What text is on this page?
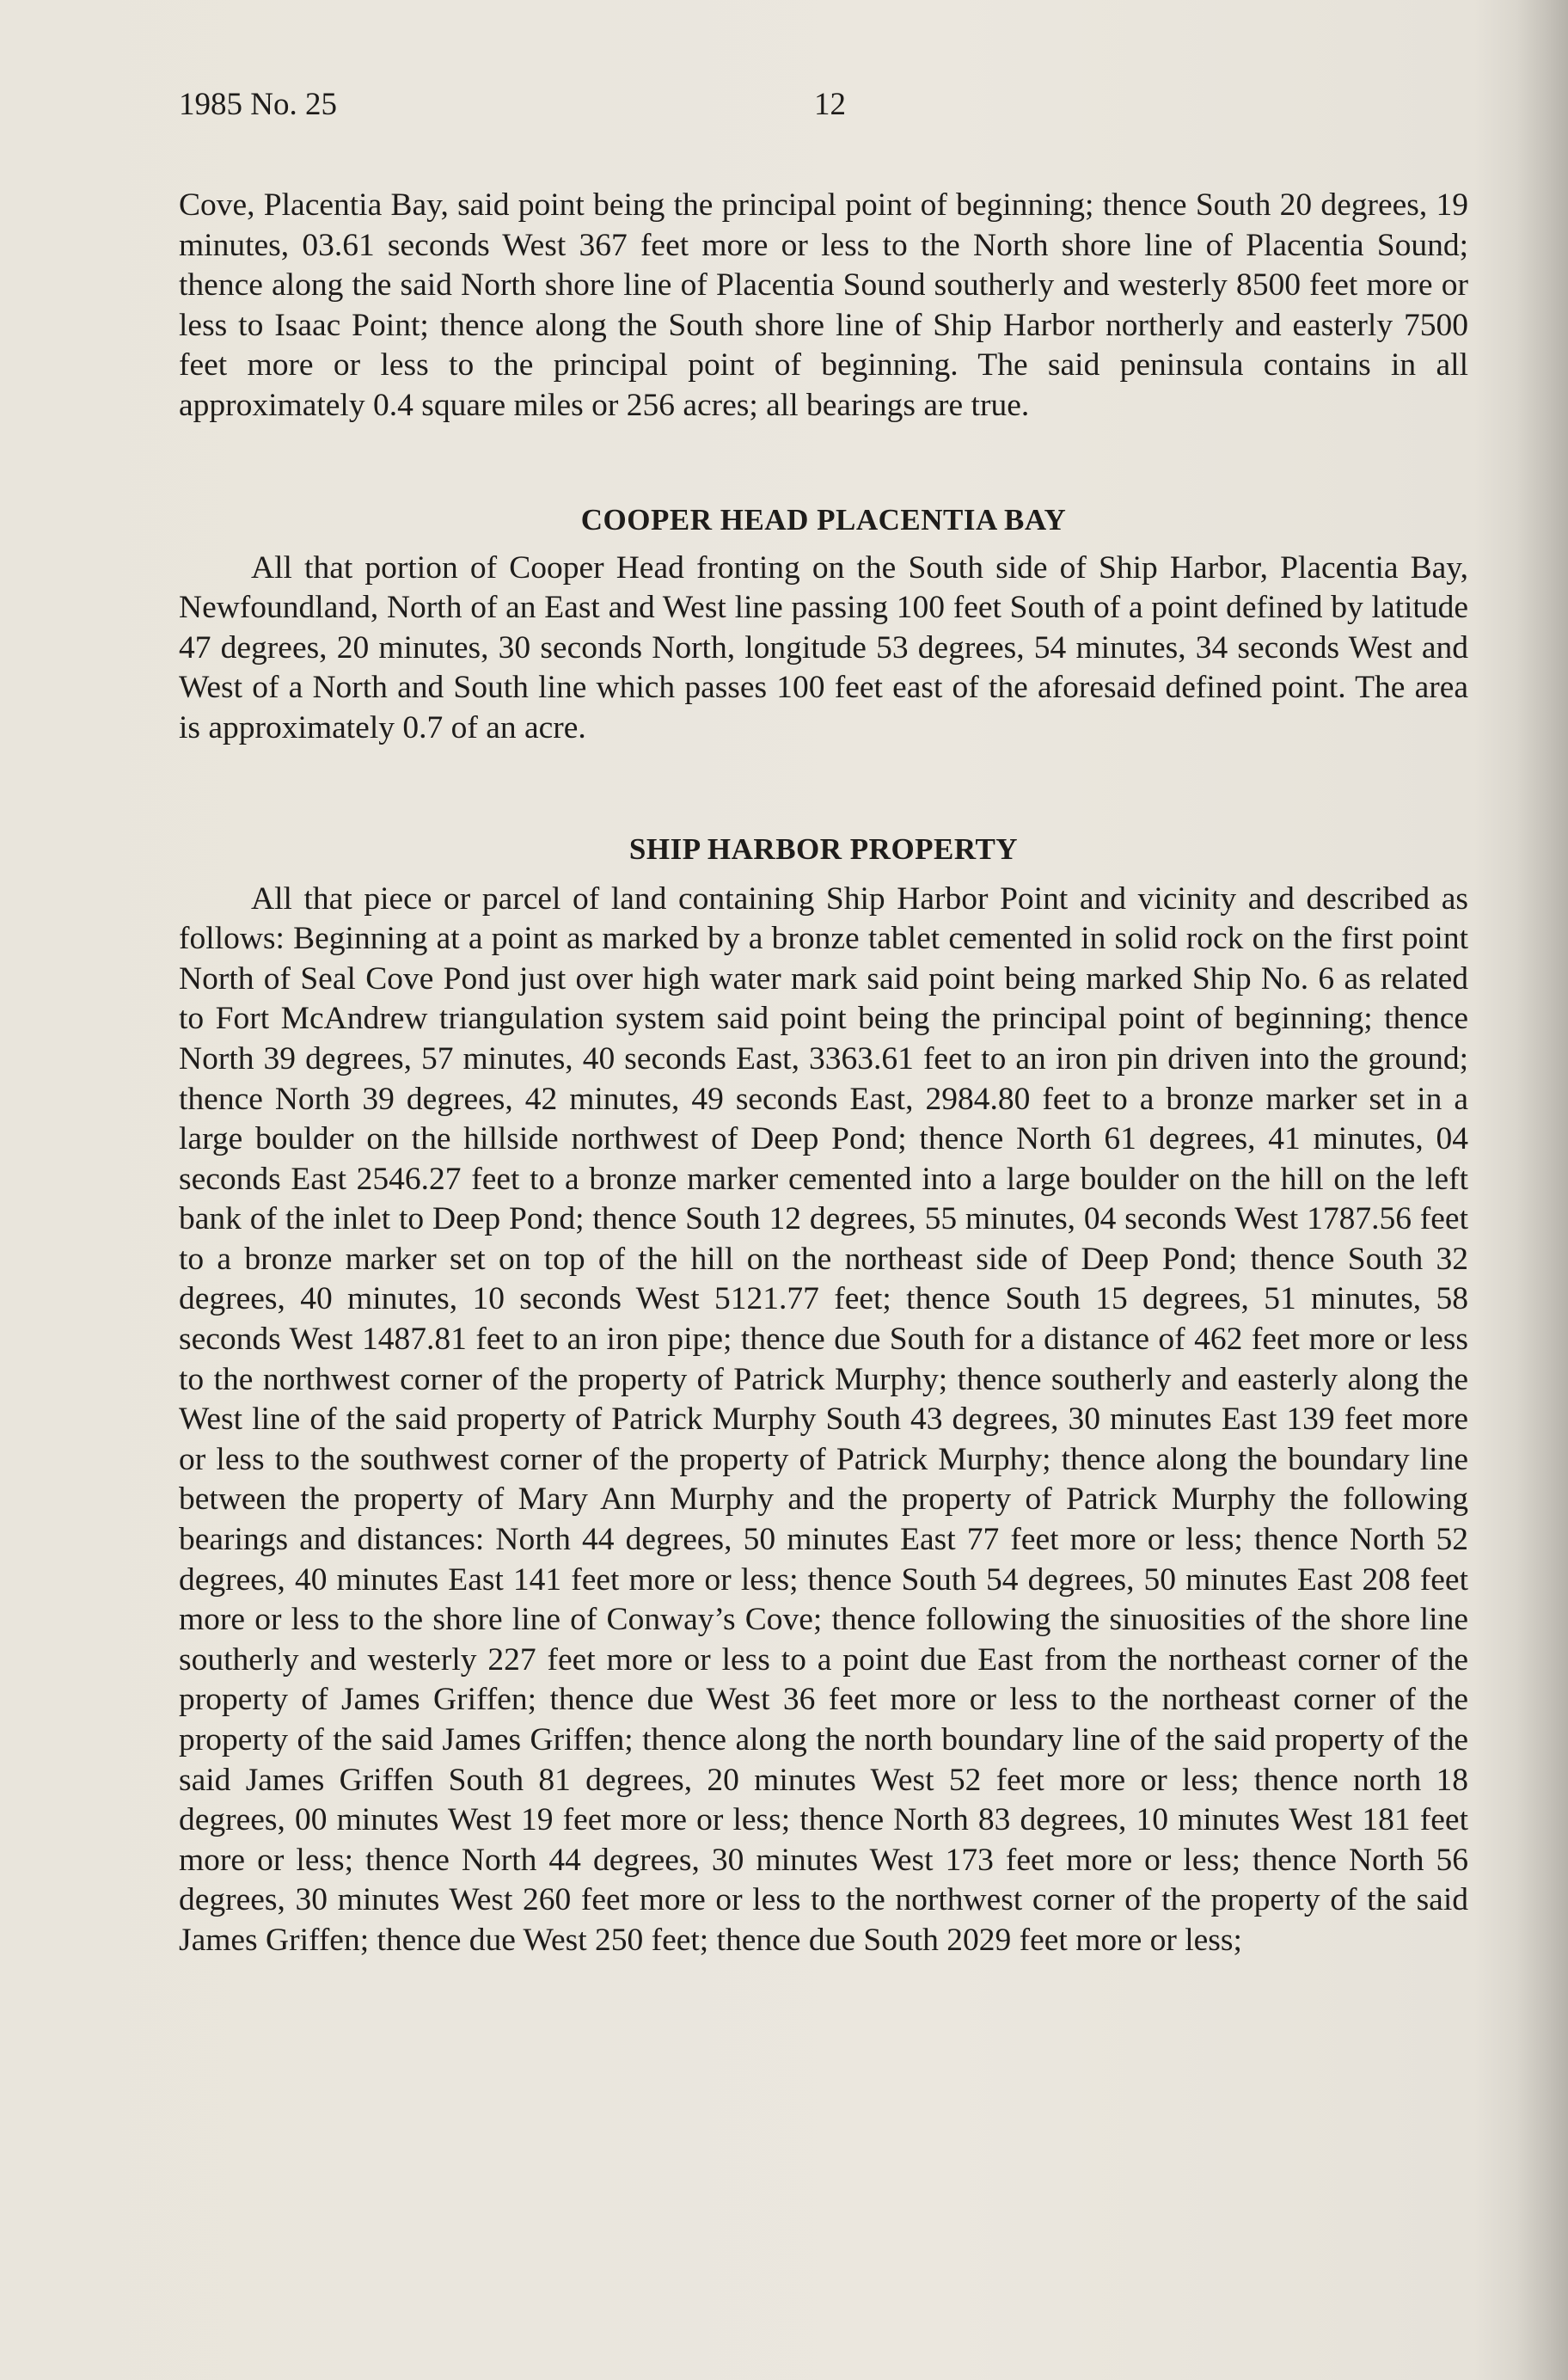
1985 No. 25	12

Cove, Placentia Bay, said point being the principal point of beginning; thence South 20 degrees, 19 minutes, 03.61 seconds West 367 feet more or less to the North shore line of Placentia Sound; thence along the said North shore line of Placentia Sound southerly and westerly 8500 feet more or less to Isaac Point; thence along the South shore line of Ship Harbor northerly and easterly 7500 feet more or less to the principal point of beginning. The said peninsula contains in all approximately 0.4 square miles or 256 acres; all bearings are true.

COOPER HEAD PLACENTIA BAY

All that portion of Cooper Head fronting on the South side of Ship Harbor, Placentia Bay, Newfoundland, North of an East and West line passing 100 feet South of a point defined by latitude 47 degrees, 20 minutes, 30 seconds North, longitude 53 degrees, 54 minutes, 34 seconds West and West of a North and South line which passes 100 feet east of the aforesaid defined point. The area is approximately 0.7 of an acre.

SHIP HARBOR PROPERTY

All that piece or parcel of land containing Ship Harbor Point and vicinity and described as follows: Beginning at a point as marked by a bronze tablet cemented in solid rock on the first point North of Seal Cove Pond just over high water mark said point being marked Ship No. 6 as related to Fort McAndrew triangulation system said point being the principal point of beginning; thence North 39 degrees, 57 minutes, 40 seconds East, 3363.61 feet to an iron pin driven into the ground; thence North 39 degrees, 42 minutes, 49 seconds East, 2984.80 feet to a bronze marker set in a large boulder on the hillside northwest of Deep Pond; thence North 61 degrees, 41 minutes, 04 seconds East 2546.27 feet to a bronze marker cemented into a large boulder on the hill on the left bank of the inlet to Deep Pond; thence South 12 degrees, 55 minutes, 04 seconds West 1787.56 feet to a bronze marker set on top of the hill on the northeast side of Deep Pond; thence South 32 degrees, 40 minutes, 10 seconds West 5121.77 feet; thence South 15 degrees, 51 minutes, 58 seconds West 1487.81 feet to an iron pipe; thence due South for a distance of 462 feet more or less to the northwest corner of the property of Patrick Murphy; thence southerly and easterly along the West line of the said property of Patrick Murphy South 43 degrees, 30 minutes East 139 feet more or less to the southwest corner of the property of Patrick Murphy; thence along the boundary line between the property of Mary Ann Murphy and the property of Patrick Murphy the following bearings and distances: North 44 degrees, 50 minutes East 77 feet more or less; thence North 52 degrees, 40 minutes East 141 feet more or less; thence South 54 degrees, 50 minutes East 208 feet more or less to the shore line of Conway’s Cove; thence following the sinuosities of the shore line southerly and westerly 227 feet more or less to a point due East from the northeast corner of the property of James Griffen; thence due West 36 feet more or less to the northeast corner of the property of the said James Griffen; thence along the north boundary line of the said property of the said James Griffen South 81 degrees, 20 minutes West 52 feet more or less; thence north 18 degrees, 00 minutes West 19 feet more or less; thence North 83 degrees, 10 minutes West 181 feet more or less; thence North 44 degrees, 30 minutes West 173 feet more or less; thence North 56 degrees, 30 minutes West 260 feet more or less to the northwest corner of the property of the said James Griffen; thence due West 250 feet; thence due South 2029 feet more or less;
